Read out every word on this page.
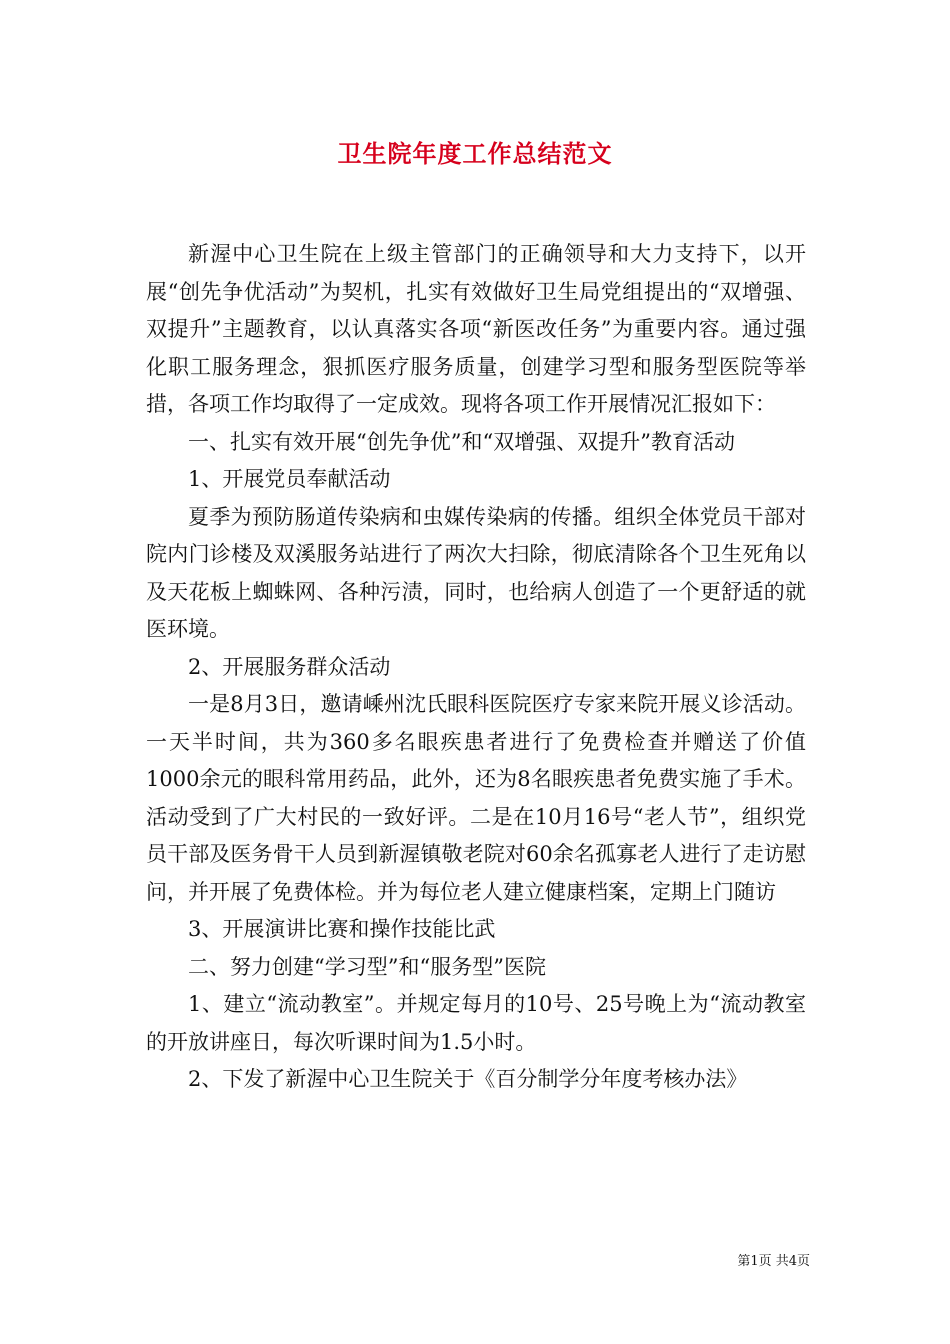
卫生院年度工作总结范文

新渥中心卫生院在上级主管部门的正确领导和大力支持下，以开展“创先争优活动”为契机，扎实有效做好卫生局党组提出的“双增强、双提升”主题教育，以认真落实各项“新医改任务”为重要内容。通过强化职工服务理念，狠抓医疗服务质量，创建学习型和服务型医院等举措，各项工作均取得了一定成效。现将各项工作开展情况汇报如下：

一、扎实有效开展“创先争优”和“双增强、双提升”教育活动

1、开展党员奉献活动

夏季为预防肠道传染病和虫媒传染病的传播。组织全体党员干部对院内门诊楼及双溪服务站进行了两次大扫除，彻底清除各个卫生死角以及天花板上蜘蛛网、各种污渍，同时，也给病人创造了一个更舒适的就医环境。

2、开展服务群众活动

一是8月3日，邀请嵊州沈氏眼科医院医疗专家来院开展义诊活动。一天半时间，共为360多名眼疾患者进行了免费检查并赠送了价值1000余元的眼科常用药品，此外，还为8名眼疾患者免费实施了手术。活动受到了广大村民的一致好评。二是在10月16号“老人节”，组织党员干部及医务骨干人员到新渥镇敬老院对60余名孤寡老人进行了走访慰问，并开展了免费体检。并为每位老人建立健康档案，定期上门随访

3、开展演讲比赛和操作技能比武

二、努力创建“学习型”和“服务型”医院

1、建立“流动教室”。并规定每月的10号、25号晚上为“流动教室的开放讲座日，每次听课时间为1.5小时。

2、下发了新渥中心卫生院关于《百分制学分年度考核办法》

第1页 共4页
